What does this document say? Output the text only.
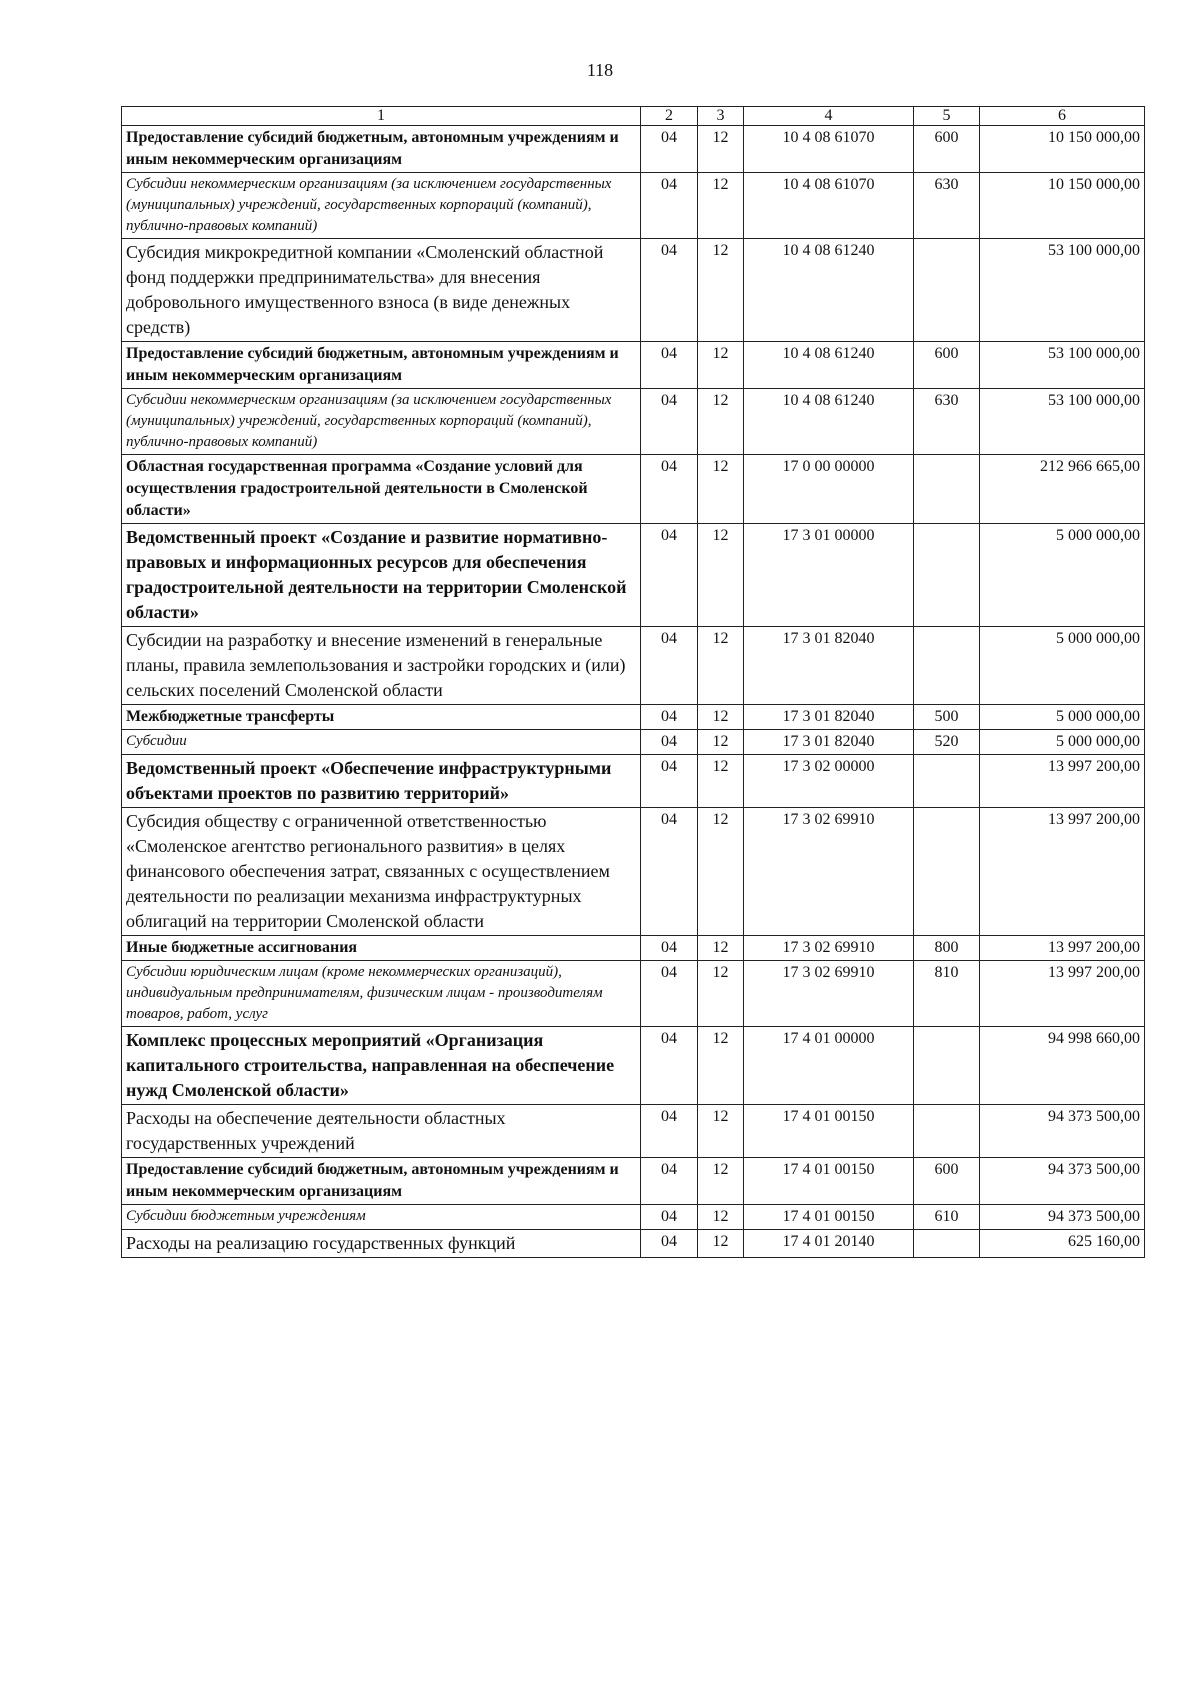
118
1	2	3	4	5	6

Предоставление субсидий бюджетным, автономным учреждениям и иным некоммерческим организациям	04	12	10 4 08 61070	600	10 150 000,00

Субсидии некоммерческим организациям (за исключением государственных (муниципальных) учреждений, государственных корпораций (компаний), публично-правовых компаний)	04	12	10 4 08 61070	630	10 150 000,00

Субсидия микрокредитной компании «Смоленский областной фонд поддержки предпринимательства» для внесения добровольного имущественного взноса (в виде денежных средств)	04	12	10 4 08 61240		53 100 000,00

Предоставление субсидий бюджетным, автономным учреждениям и иным некоммерческим организациям	04	12	10 4 08 61240	600	53 100 000,00

Субсидии некоммерческим организациям (за исключением государственных (муниципальных) учреждений, государственных корпораций (компаний), публично-правовых компаний)	04	12	10 4 08 61240	630	53 100 000,00

Областная государственная программа «Создание условий для осуществления градостроительной деятельности в Смоленской области»	04	12	17 0 00 00000		212 966 665,00

Ведомственный проект «Создание и развитие нормативно-правовых и информационных ресурсов для обеспечения градостроительной деятельности на территории Смоленской области»	04	12	17 3 01 00000		5 000 000,00

Субсидии на разработку и внесение изменений в генеральные планы, правила землепользования и застройки городских и (или) сельских поселений Смоленской области	04	12	17 3 01 82040		5 000 000,00

Межбюджетные трансферты	04	12	17 3 01 82040	500	5 000 000,00

Субсидии	04	12	17 3 01 82040	520	5 000 000,00

Ведомственный проект «Обеспечение инфраструктурными объектами проектов по развитию территорий»	04	12	17 3 02 00000		13 997 200,00

Субсидия обществу с ограниченной ответственностью «Смоленское агентство регионального развития» в целях финансового обеспечения затрат, связанных с осуществлением деятельности по реализации механизма инфраструктурных облигаций на территории Смоленской области	04	12	17 3 02 69910		13 997 200,00

Иные бюджетные ассигнования	04	12	17 3 02 69910	800	13 997 200,00

Субсидии юридическим лицам (кроме некоммерческих организаций), индивидуальным предпринимателям, физическим лицам - производителям товаров, работ, услуг	04	12	17 3 02 69910	810	13 997 200,00

Комплекс процессных мероприятий «Организация капитального строительства, направленная на обеспечение нужд Смоленской области»	04	12	17 4 01 00000		94 998 660,00

Расходы на обеспечение деятельности областных государственных учреждений	04	12	17 4 01 00150		94 373 500,00

Предоставление субсидий бюджетным, автономным учреждениям и иным некоммерческим организациям	04	12	17 4 01 00150	600	94 373 500,00

Субсидии бюджетным учреждениям	04	12	17 4 01 00150	610	94 373 500,00

Расходы на реализацию государственных функций	04	12	17 4 01 20140		625 160,00
